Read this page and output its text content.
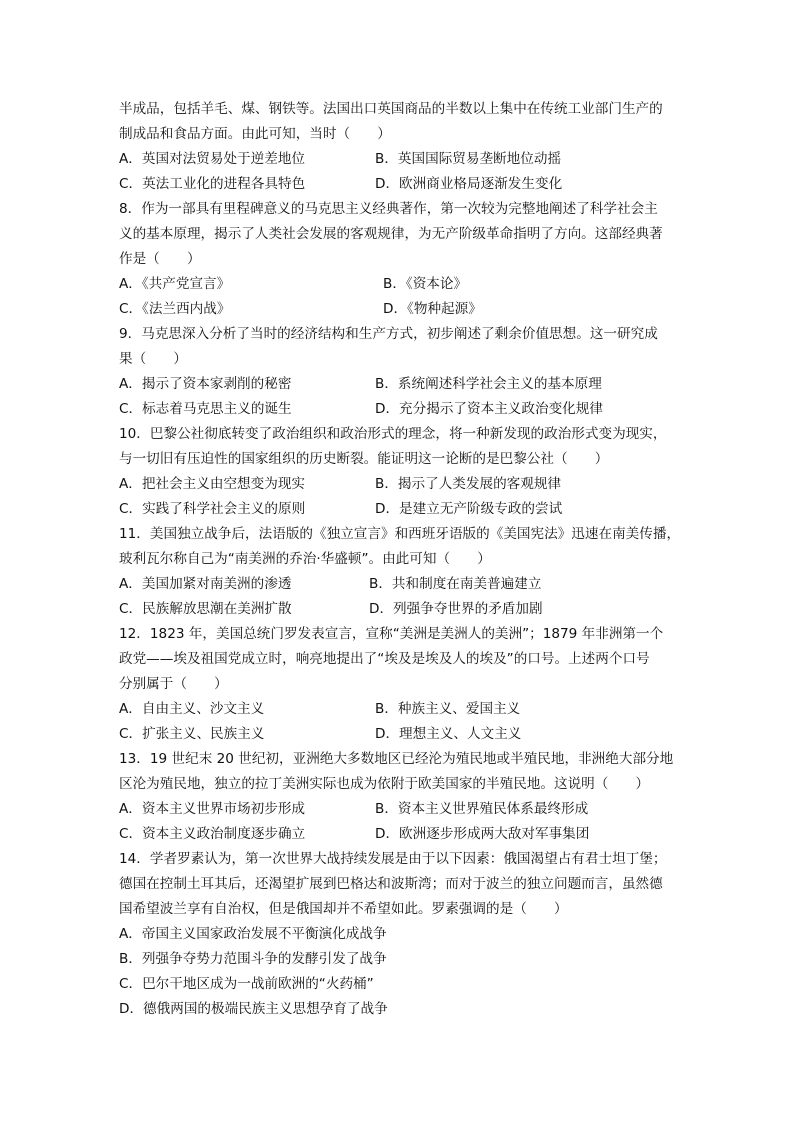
半成品，包括羊毛、煤、钢铁等。法国出口英国商品的半数以上集中在传统工业部门生产的
制成品和食品方面。由此可知，当时（　　）
A．英国对法贸易处于逆差地位	B．英国国际贸易垄断地位动摇
C．英法工业化的进程各具特色	D．欧洲商业格局逐渐发生变化
8．作为一部具有里程碑意义的马克思主义经典著作，第一次较为完整地阐述了科学社会主
义的基本原理，揭示了人类社会发展的客观规律，为无产阶级革命指明了方向。这部经典著
作是（　　）
A．《共产党宣言》	B．《资本论》
C．《法兰西内战》	D．《物种起源》
9．马克思深入分析了当时的经济结构和生产方式，初步阐述了剩余价值思想。这一研究成
果（　　）
A．揭示了资本家剥削的秘密	B．系统阐述科学社会主义的基本原理
C．标志着马克思主义的诞生	D．充分揭示了资本主义政治变化规律
10．巴黎公社彻底转变了政治组织和政治形式的理念，将一种新发现的政治形式变为现实，
与一切旧有压迫性的国家组织的历史断裂。能证明这一论断的是巴黎公社（　　）
A．把社会主义由空想变为现实	B．揭示了人类发展的客观规律
C．实践了科学社会主义的原则	D．是建立无产阶级专政的尝试
11．美国独立战争后，法语版的《独立宣言》和西班牙语版的《美国宪法》迅速在南美传播，
玻利瓦尔称自己为“南美洲的乔治·华盛顿”。由此可知（　　）
A．美国加紧对南美洲的渗透	B．共和制度在南美普遍建立
C．民族解放思潮在美洲扩散	D．列强争夺世界的矛盾加剧
12．1823 年，美国总统门罗发表宣言，宣称“美洲是美洲人的美洲”；1879 年非洲第一个
政党——埃及祖国党成立时，响亮地提出了“埃及是埃及人的埃及”的口号。上述两个口号
分别属于（　　）
A．自由主义、沙文主义	B．种族主义、爱国主义
C．扩张主义、民族主义	D．理想主义、人文主义
13．19 世纪末 20 世纪初，亚洲绝大多数地区已经沦为殖民地或半殖民地，非洲绝大部分地
区沦为殖民地，独立的拉丁美洲实际也成为依附于欧美国家的半殖民地。这说明（　　）
A．资本主义世界市场初步形成	B．资本主义世界殖民体系最终形成
C．资本主义政治制度逐步确立	D．欧洲逐步形成两大敌对军事集团
14．学者罗素认为，第一次世界大战持续发展是由于以下因素：俄国渴望占有君士坦丁堡；
德国在控制土耳其后，还渴望扩展到巴格达和波斯湾；而对于波兰的独立问题而言，虽然德
国希望波兰享有自治权，但是俄国却并不希望如此。罗素强调的是（　　）
A．帝国主义国家政治发展不平衡演化成战争
B．列强争夺势力范围斗争的发酵引发了战争
C．巴尔干地区成为一战前欧洲的“火药桶”
D．德俄两国的极端民族主义思想孕育了战争
